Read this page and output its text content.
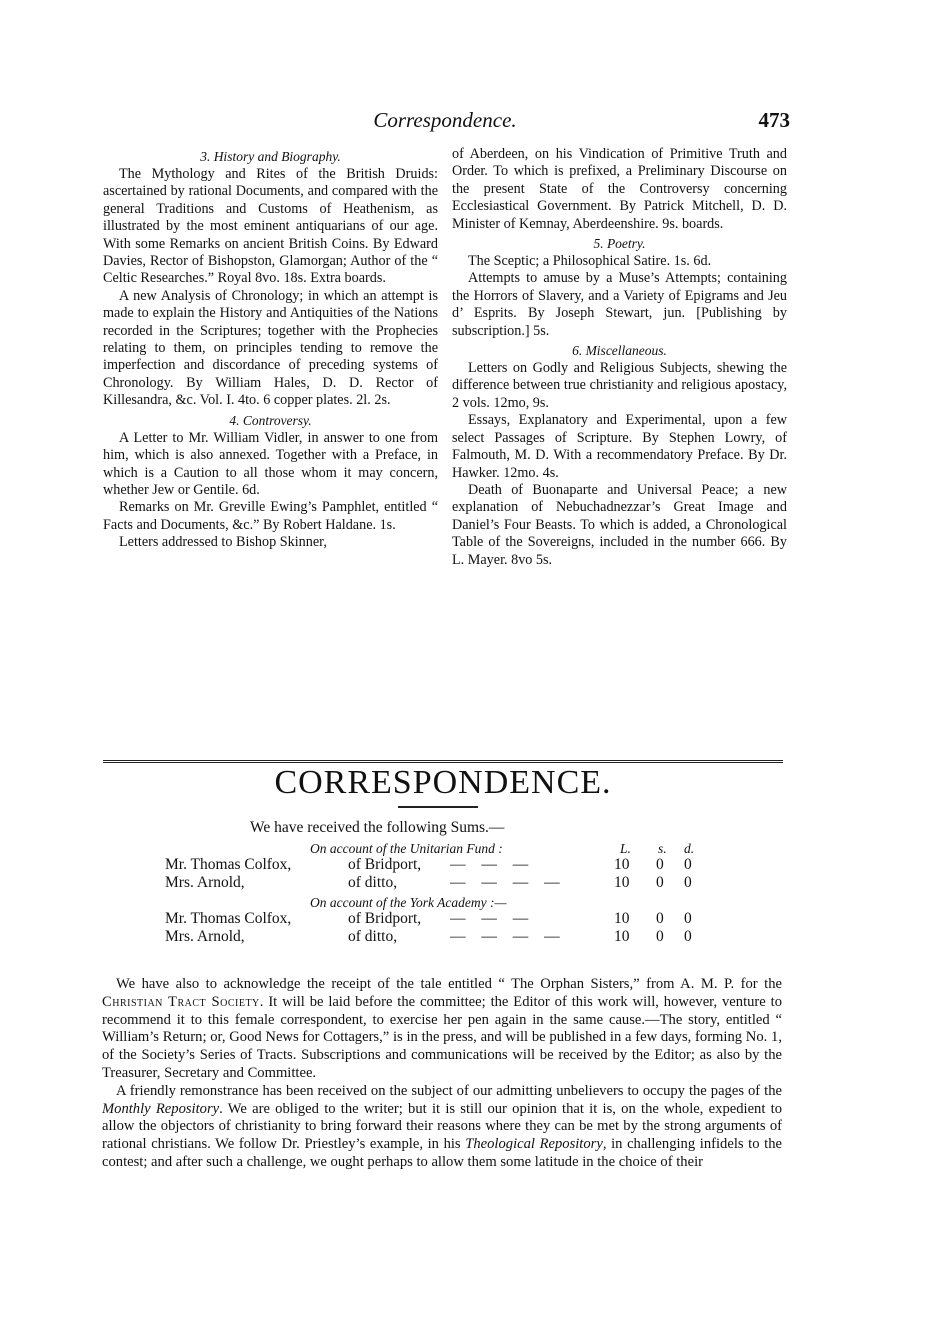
Correspondence.	473
3. History and Biography.

The Mythology and Rites of the British Druids: ascertained by rational Documents, and compared with the general Traditions and Customs of Heathenism, as illustrated by the most eminent antiquarians of our age. With some Remarks on ancient British Coins. By Edward Davies, Rector of Bishopston, Glamorgan; Author of the “ Celtic Researches.” Royal 8vo. 18s. Extra boards.

A new Analysis of Chronology; in which an attempt is made to explain the History and Antiquities of the Nations recorded in the Scriptures; together with the Prophecies relating to them, on principles tending to remove the imperfection and discordance of preceding systems of Chronology. By William Hales, D. D. Rector of Killesandra, &c. Vol. I. 4to. 6 copper plates. 2l. 2s.

4. Controversy.

A Letter to Mr. William Vidler, in answer to one from him, which is also annexed. Together with a Preface, in which is a Caution to all those whom it may concern, whether Jew or Gentile. 6d.

Remarks on Mr. Greville Ewing’s Pamphlet, entitled “ Facts and Documents, &c.” By Robert Haldane. 1s.

Letters addressed to Bishop Skinner,

of Aberdeen, on his Vindication of Primitive Truth and Order. To which is prefixed, a Preliminary Discourse on the present State of the Controversy concerning Ecclesiastical Government. By Patrick Mitchell, D. D. Minister of Kemnay, Aberdeenshire. 9s. boards.

5. Poetry.

The Sceptic; a Philosophical Satire. 1s. 6d.

Attempts to amuse by a Muse’s Attempts; containing the Horrors of Slavery, and a Variety of Epigrams and Jeu d’ Esprits. By Joseph Stewart, jun. [Publishing by subscription.] 5s.

6. Miscellaneous.

Letters on Godly and Religious Subjects, shewing the difference between true christianity and religious apostacy, 2 vols. 12mo, 9s.

Essays, Explanatory and Experimental, upon a few select Passages of Scripture. By Stephen Lowry, of Falmouth, M. D. With a recommendatory Preface. By Dr. Hawker. 12mo. 4s.

Death of Buonaparte and Universal Peace; a new explanation of Nebuchadnezzar’s Great Image and Daniel’s Four Beasts. To which is added, a Chronological Table of the Sovereigns, included in the number 666. By L. Mayer. 8vo 5s.

CORRESPONDENCE.
We have received the following Sums.—
On account of the Unitarian Fund :	L. s. d.
Mr. Thomas Colfox,	of Bridport, — — —	10 0 0
Mrs. Arnold,	of ditto,	— — — —	10 0 0
On account of the York Academy :—
Mr. Thomas Colfox,	of Bridport, — — —	10 0 0
Mrs. Arnold,	of ditto,	— — — —	10 0 0

We have also to acknowledge the receipt of the tale entitled “ The Orphan Sisters,” from A. M. P. for the Christian Tract Society. It will be laid before the committee; the Editor of this work will, however, venture to recommend it to this female correspondent, to exercise her pen again in the same cause.—The story, entitled “ William’s Return; or, Good News for Cottagers,” is in the press, and will be published in a few days, forming No. 1, of the Society’s Series of Tracts. Subscriptions and communications will be received by the Editor; as also by the Treasurer, Secretary and Committee.

A friendly remonstrance has been received on the subject of our admitting unbelievers to occupy the pages of the Monthly Repository. We are obliged to the writer; but it is still our opinion that it is, on the whole, expedient to allow the objectors of christianity to bring forward their reasons where they can be met by the strong arguments of rational christians. We follow Dr. Priestley’s example, in his Theological Repository, in challenging infidels to the contest; and after such a challenge, we ought perhaps to allow them some latitude in the choice of their
